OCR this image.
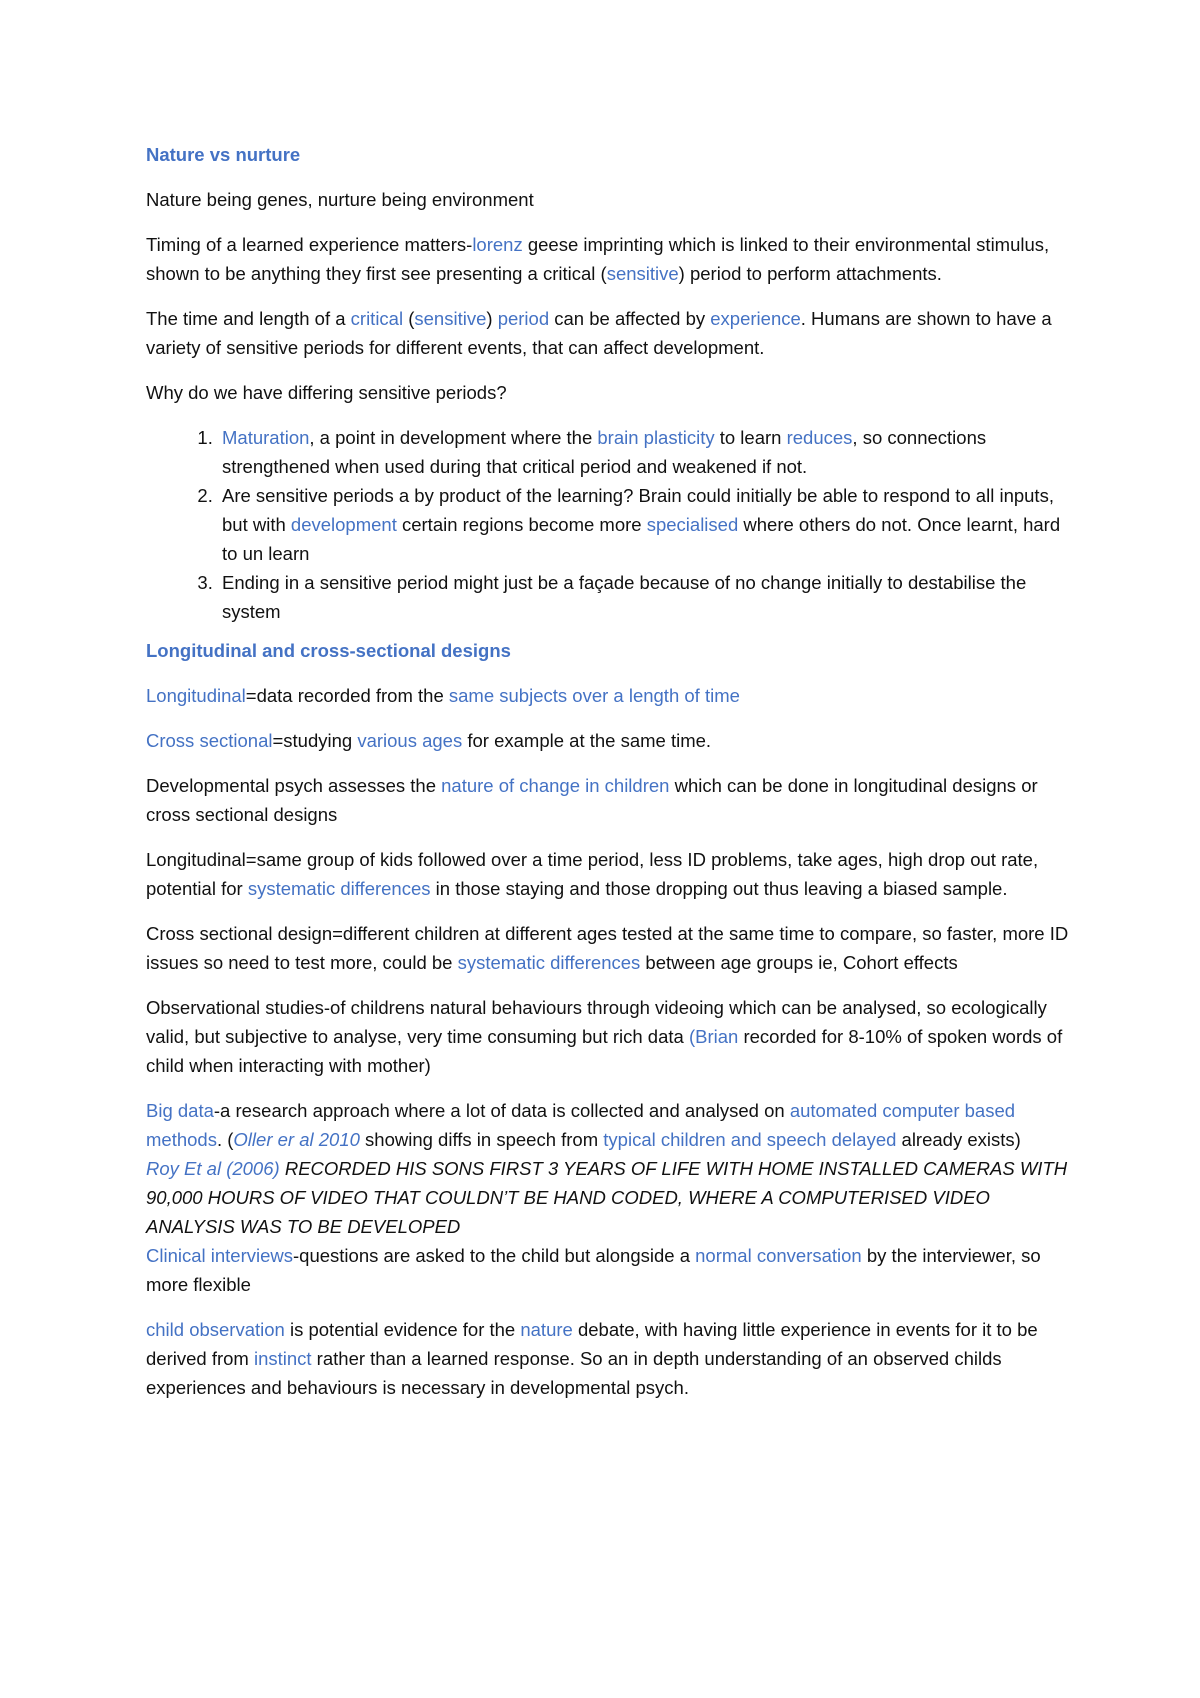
Nature vs nurture

Nature being genes, nurture being environment

Timing of a learned experience matters-lorenz geese imprinting which is linked to their environmental stimulus, shown to be anything they first see presenting a critical (sensitive) period to perform attachments.

The time and length of a critical (sensitive) period can be affected by experience. Humans are shown to have a variety of sensitive periods for different events, that can affect development.

Why do we have differing sensitive periods?

1. Maturation, a point in development where the brain plasticity to learn reduces, so connections strengthened when used during that critical period and weakened if not.
2. Are sensitive periods a by product of the learning? Brain could initially be able to respond to all inputs, but with development certain regions become more specialised where others do not. Once learnt, hard to un learn
3. Ending in a sensitive period might just be a façade because of no change initially to destabilise the system
Longitudinal and cross-sectional designs

Longitudinal=data recorded from the same subjects over a length of time

Cross sectional=studying various ages for example at the same time.

Developmental psych assesses the nature of change in children which can be done in longitudinal designs or cross sectional designs

Longitudinal=same group of kids followed over a time period, less ID problems, take ages, high drop out rate, potential for systematic differences in those staying and those dropping out thus leaving a biased sample.

Cross sectional design=different children at different ages tested at the same time to compare, so faster, more ID issues so need to test more, could be systematic differences between age groups ie, Cohort effects

Observational studies-of childrens natural behaviours through videoing which can be analysed, so ecologically valid, but subjective to analyse, very time consuming but rich data (Brian recorded for 8-10% of spoken words of child when interacting with mother)

Big data-a research approach where a lot of data is collected and analysed on automated computer based methods. (Oller er al 2010 showing diffs in speech from typical children and speech delayed already exists)

Roy Et al (2006) RECORDED HIS SONS FIRST 3 YEARS OF LIFE WITH HOME INSTALLED CAMERAS WITH 90,000 HOURS OF VIDEO THAT COULDN’T BE HAND CODED, WHERE A COMPUTERISED VIDEO ANALYSIS WAS TO BE DEVELOPED

Clinical interviews-questions are asked to the child but alongside a normal conversation by the interviewer, so more flexible

child observation is potential evidence for the nature debate, with having little experience in events for it to be derived from instinct rather than a learned response. So an in depth understanding of an observed childs experiences and behaviours is necessary in developmental psych.
